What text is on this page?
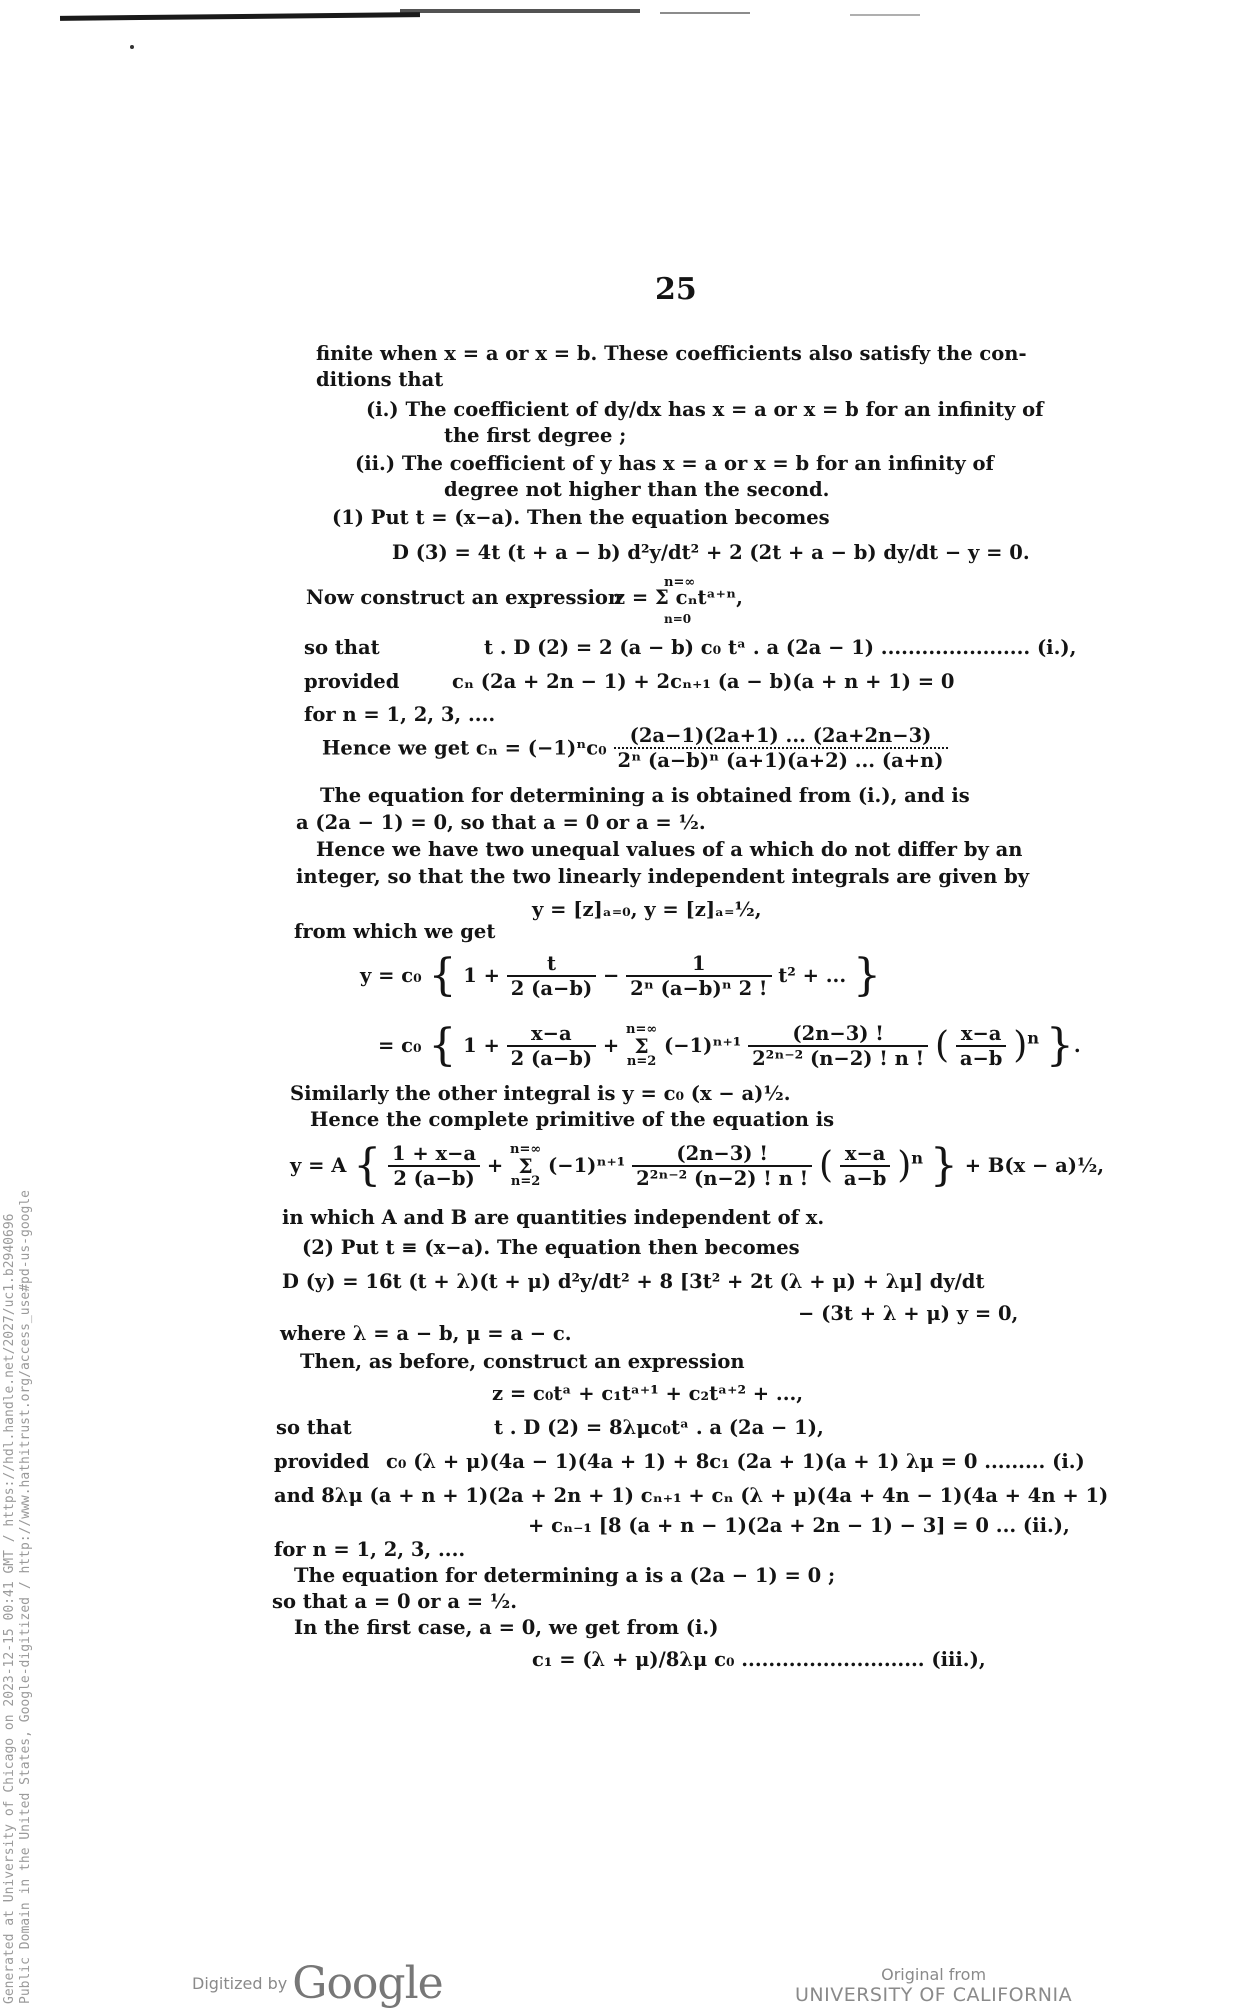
25
finite when x = a or x = b. These coefficients also satisfy the con-
ditions that
(i.) The coefficient of dy/dx has x = a or x = b for an infinity of
the first degree ;
(ii.) The coefficient of y has x = a or x = b for an infinity of
degree not higher than the second.
(1) Put t = (x−a). Then the equation becomes
D (3) = 4t (t + a − b) d²y/dt² + 2 (2t + a − b) dy/dt − y = 0.
Now construct an expression
n=∞
z = Σ cₙtᵃ⁺ⁿ,
n=0
so that	t . D (2) = 2 (a − b) c₀ tᵃ . a (2a − 1) ...................... (i.),
provided	cₙ (2a + 2n − 1) + 2cₙ₊₁ (a − b)(a + n + 1) = 0
for n = 1, 2, 3, ....
Hence we get $c_n = (-1)^nc_0 \frac{(2a-1)(2a+1) ... (2a+2n-3)}{\text{2ⁿ (a−b)ⁿ (a+1)(a+2) ... (a+n)}}$
The equation for determining a is obtained from (i.), and is
a (2a − 1) = 0, so that a = 0 or a = ½.
Hence we have two unequal values of a which do not differ by an
integer, so that the two linearly independent integrals are given by
y = [z]ₐ₌₀, y = [z]ₐ₌½,
from which we get
y = c₀ { $1 + \frac{t}{2 (a-b)} - \frac{1}{\text{2ⁿ (a−b)ⁿ 2 !}} t^2$ + ... }
= c₀ { $1 + \frac{x-a}{2 (a-b)} + n=\infty$
Σ
n=2 $(-1)^{n+1} \frac{(2n-3) !}{\text{2²ⁿ⁻² (n−2) ! n !}}$ ( $\frac{x-a}{a-b} )^n$ }.
Similarly the other integral is y = c₀ (x − a)½.
Hence the complete primitive of the equation is
y = A { $\frac{1 + x-a}{2 (a-b)} + n=\infty$
Σ
n=2 $(-1)^{n+1} \frac{(2n-3) !}{\text{2²ⁿ⁻² (n−2) ! n !}}$ ( $\frac{x-a}{a-b} )^n$ } + B(x − a)½,
in which A and B are quantities independent of x.
(2) Put t ≡ (x−a). The equation then becomes
D (y) = 16t (t + λ)(t + μ) d²y/dt² + 8 [3t² + 2t (λ + μ) + λμ] dy/dt
− (3t + λ + μ) y = 0,
where λ = a − b, μ = a − c.
Then, as before, construct an expression
z = c₀tᵃ + c₁tᵃ⁺¹ + c₂tᵃ⁺² + ...,
so that	t . D (2) = 8λμc₀tᵃ . a (2a − 1),
provided c₀ (λ + μ)(4a − 1)(4a + 1) + 8c₁ (2a + 1)(a + 1) λμ = 0 ......... (i.)
and 8λμ (a + n + 1)(2a + 2n + 1) cₙ₊₁ + cₙ (λ + μ)(4a + 4n − 1)(4a + 4n + 1)
+ cₙ₋₁ [8 (a + n − 1)(2a + 2n − 1) − 3] = 0 ... (ii.),
for n = 1, 2, 3, ....
The equation for determining a is a (2a − 1) = 0 ;
so that a = 0 or a = ½.
In the first case, a = 0, we get from (i.)
c₁ = (λ + μ)/8λμ c₀ ........................... (iii.),
Generated at University of Chicago on 2023-12-15 00:41 GMT / https://hdl.handle.net/2027/uc1.b2940696 Public Domain in the United States, Google-digitized / http://www.hathitrust.org/access_use#pd-us-google	Digitized by Google	Original from
UNIVERSITY OF CALIFORNIA
